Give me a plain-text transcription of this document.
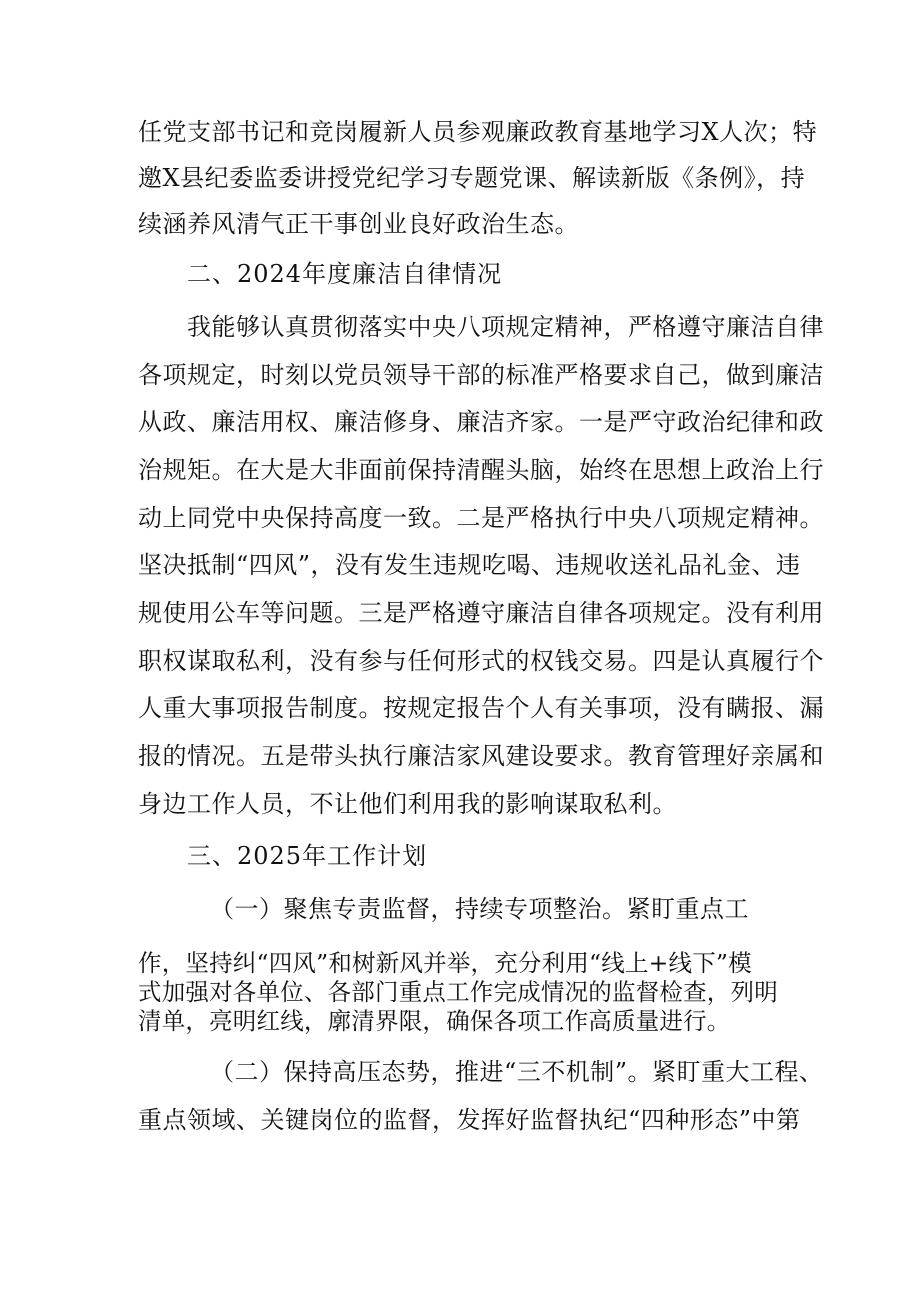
任党支部书记和竞岗履新人员参观廉政教育基地学习X人次；特
邀X县纪委监委讲授党纪学习专题党课、解读新版《条例》，持
续涵养风清气正干事创业良好政治生态。
二、2024年度廉洁自律情况
我能够认真贯彻落实中央八项规定精神，严格遵守廉洁自律
各项规定，时刻以党员领导干部的标准严格要求自己，做到廉洁
从政、廉洁用权、廉洁修身、廉洁齐家。一是严守政治纪律和政
治规矩。在大是大非面前保持清醒头脑，始终在思想上政治上行
动上同党中央保持高度一致。二是严格执行中央八项规定精神。
坚决抵制“四风”，没有发生违规吃喝、违规收送礼品礼金、违
规使用公车等问题。三是严格遵守廉洁自律各项规定。没有利用
职权谋取私利，没有参与任何形式的权钱交易。四是认真履行个
人重大事项报告制度。按规定报告个人有关事项，没有瞒报、漏
报的情况。五是带头执行廉洁家风建设要求。教育管理好亲属和
身边工作人员，不让他们利用我的影响谋取私利。
三、2025年工作计划
（一）聚焦专责监督，持续专项整治。紧盯重点工
作，坚持纠“四风”和树新风并举，充分利用“线上+线下”模
式加强对各单位、各部门重点工作完成情况的监督检查，列明
清单，亮明红线，廓清界限，确保各项工作高质量进行。
（二）保持高压态势，推进“三不机制”。紧盯重大工程、
重点领域、关键岗位的监督，发挥好监督执纪“四种形态”中第
